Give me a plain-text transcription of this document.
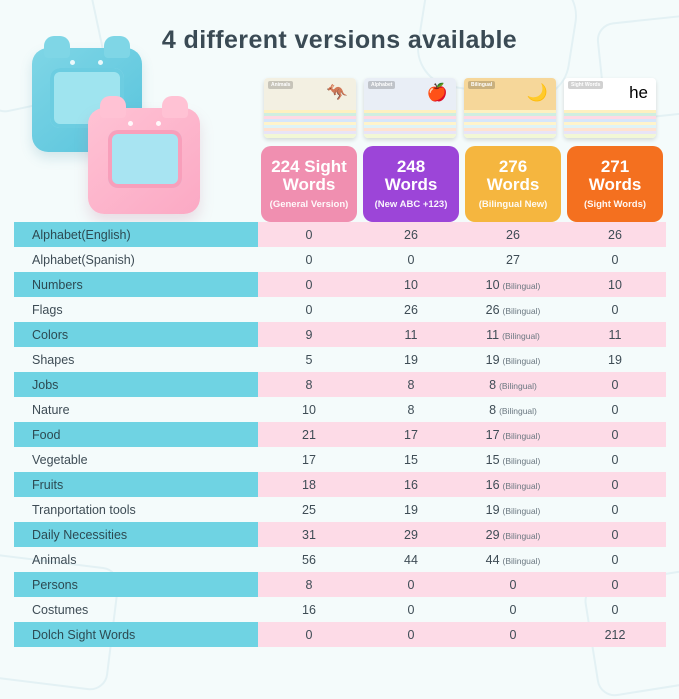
4 different versions available
Animals 🦘	Alphabet 🍎	Bilingual 🌙	Sight Words he

224 Sight
Words
(General Version)

248
Words
(New ABC +123)

276
Words
(Bilingual New)

271
Words
(Sight Words)

Alphabet(English)	0	26	26	26
Alphabet(Spanish)	0	0	27	0
Numbers	0	10	10 (Bilingual)	10
Flags	0	26	26 (Bilingual)	0
Colors	9	11	11 (Bilingual)	11
Shapes	5	19	19 (Bilingual)	19
Jobs	8	8	8 (Bilingual)	0
Nature	10	8	8 (Bilingual)	0
Food	21	17	17 (Bilingual)	0
Vegetable	17	15	15 (Bilingual)	0
Fruits	18	16	16 (Bilingual)	0
Tranportation tools	25	19	19 (Bilingual)	0
Daily Necessities	31	29	29 (Bilingual)	0
Animals	56	44	44 (Bilingual)	0
Persons	8	0	0	0
Costumes	16	0	0	0
Dolch Sight Words	0	0	0	212
